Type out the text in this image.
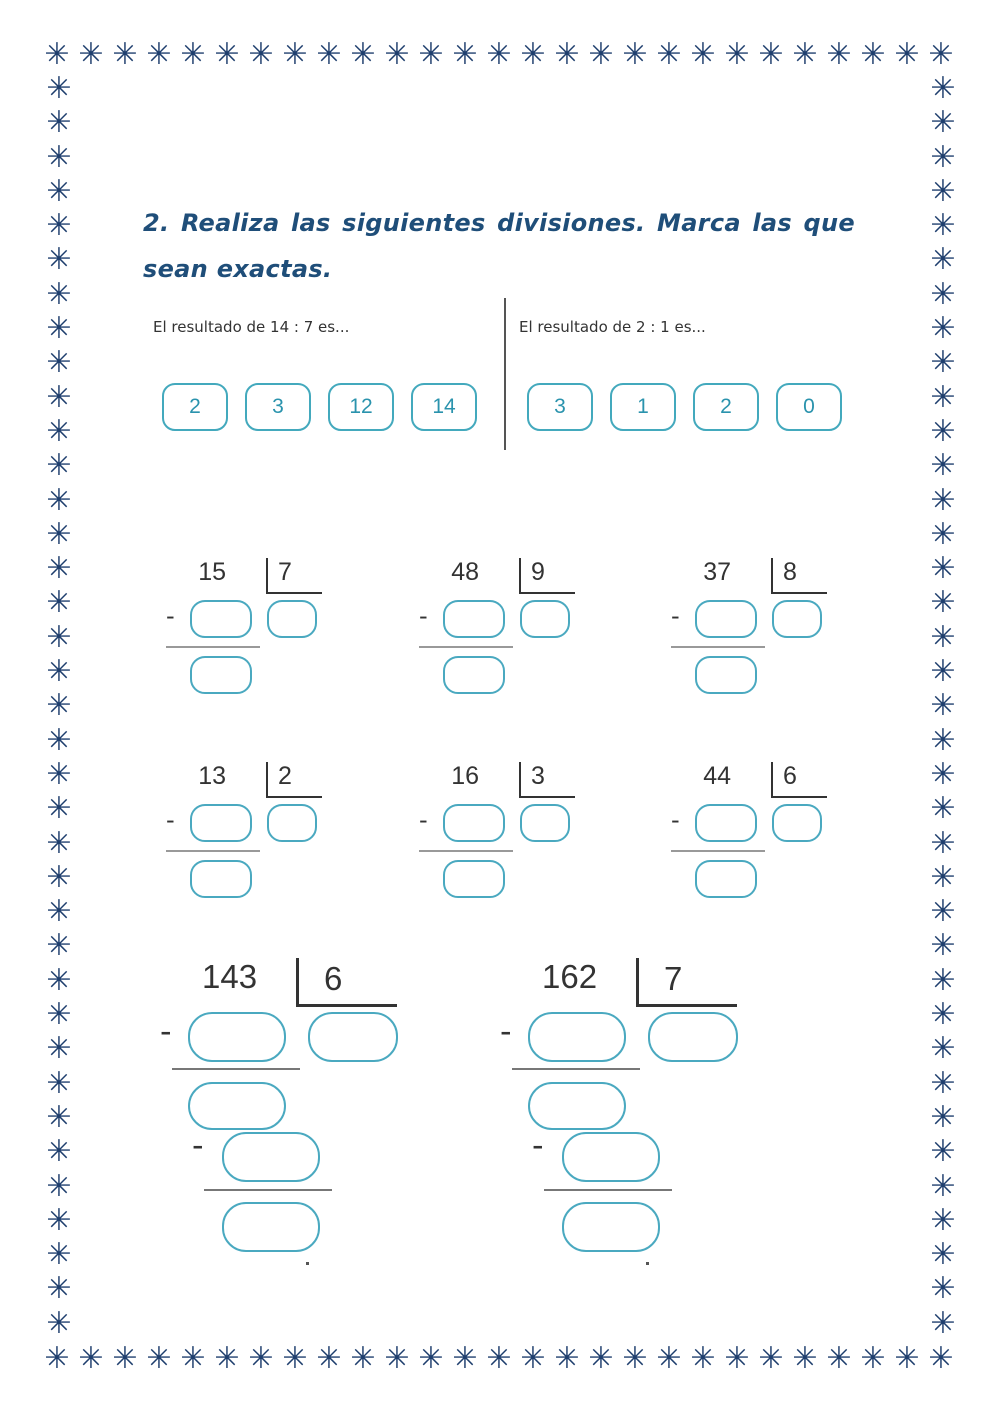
✳ ✳ ✳ ✳ ✳ ✳ ✳ ✳ ✳ ✳ ✳ ✳ ✳ ✳ ✳ ✳ ✳ ✳ ✳ ✳ ✳ ✳ ✳ ✳ ✳ ✳ ✳
✳ ✳ ✳ ✳ ✳ ✳ ✳ ✳ ✳ ✳ ✳ ✳ ✳ ✳ ✳ ✳ ✳ ✳ ✳ ✳ ✳ ✳ ✳ ✳ ✳ ✳ ✳
✳
✳
✳
✳
✳
✳
✳
✳
✳
✳
✳
✳
✳
✳
✳
✳
✳
✳
✳
✳
✳
✳
✳
✳
✳
✳
✳
✳
✳
✳
✳
✳
✳
✳
✳
✳
✳
✳
✳
✳
✳
✳
✳
✳
✳
✳
✳
✳
✳
✳
✳
✳
✳
✳
✳
✳
✳
✳
✳
✳
✳
✳
✳
✳
✳
✳
✳
✳
✳
✳
✳
✳
✳
✳
2. Realiza las siguientes divisiones. Marca las que sean exactas.
El resultado de 14 : 7 es...	El resultado de 2 : 1 es...
2	3	12	14	3	1	2	0
15 7
-
48 9
-
37 8
-
13 2
-
16 3
-
44 6
-
143 6
-
-
162 7
-
-
